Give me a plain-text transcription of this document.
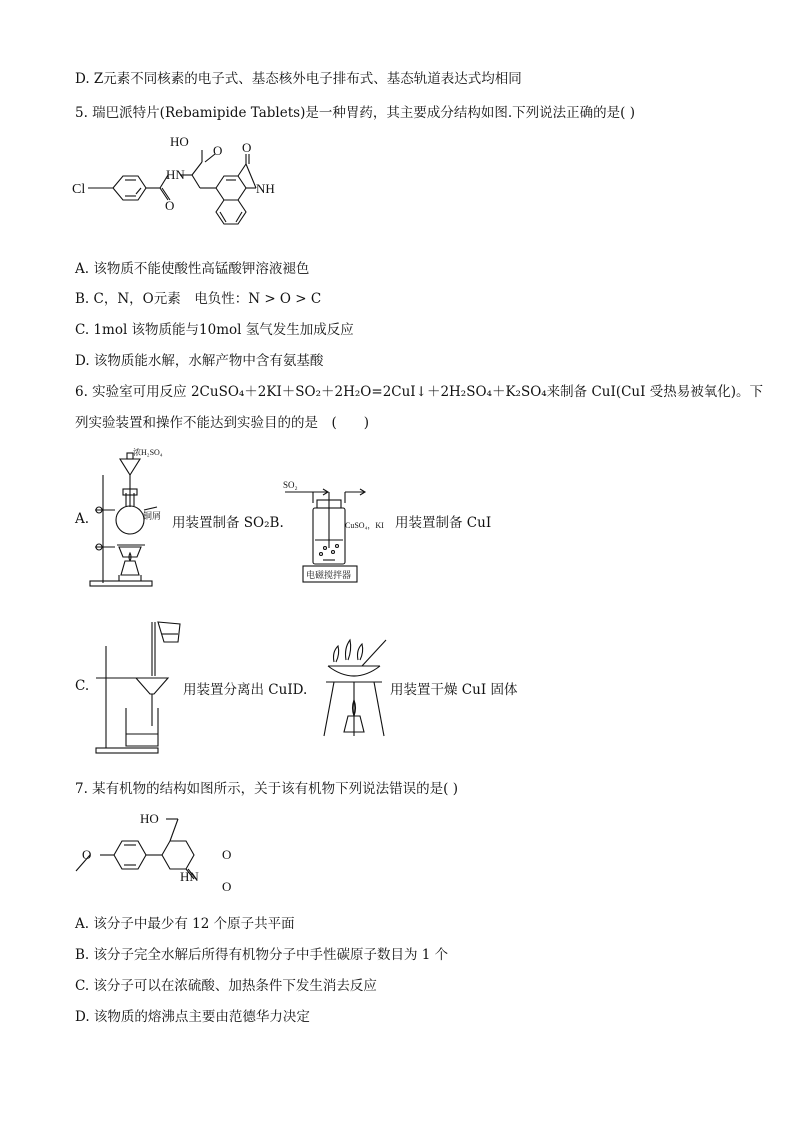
D. Z元素不同核素的电子式、基态核外电子排布式、基态轨道表达式均相同
5. 瑞巴派特片(Rebamipide Tablets)是一种胃药，其主要成分结构如图.下列说法正确的是( )
HO
O
HN
O
Cl
O
NH
A. 该物质不能使酸性高锰酸钾溶液褪色
B. C，N，O元素　电负性：N > O > C
C. 1mol 该物质能与10mol 氢气发生加成反应
D. 该物质能水解，水解产物中含有氨基酸
6. 实验室可用反应 2CuSO₄＋2KI＋SO₂＋2H₂O=2CuI↓＋2H₂SO₄＋K₂SO₄来制备 CuI(CuI 受热易被氧化)。下
列实验装置和操作不能达到实验目的的是　(　　)
A.
浓H₂SO₄
铜屑 用装置制备 SO₂B.
SO₂
CuSO₄，KI
电磁搅拌器
用装置制备 CuI
C.	用装置分离出 CuID.	用装置干燥 CuI 固体
7. 某有机物的结构如图所示，关于该有机物下列说法错误的是( )
HO
O	O
HN
O
A. 该分子中最少有 12 个原子共平面
B. 该分子完全水解后所得有机物分子中手性碳原子数目为 1 个
C. 该分子可以在浓硫酸、加热条件下发生消去反应
D. 该物质的熔沸点主要由范德华力决定
